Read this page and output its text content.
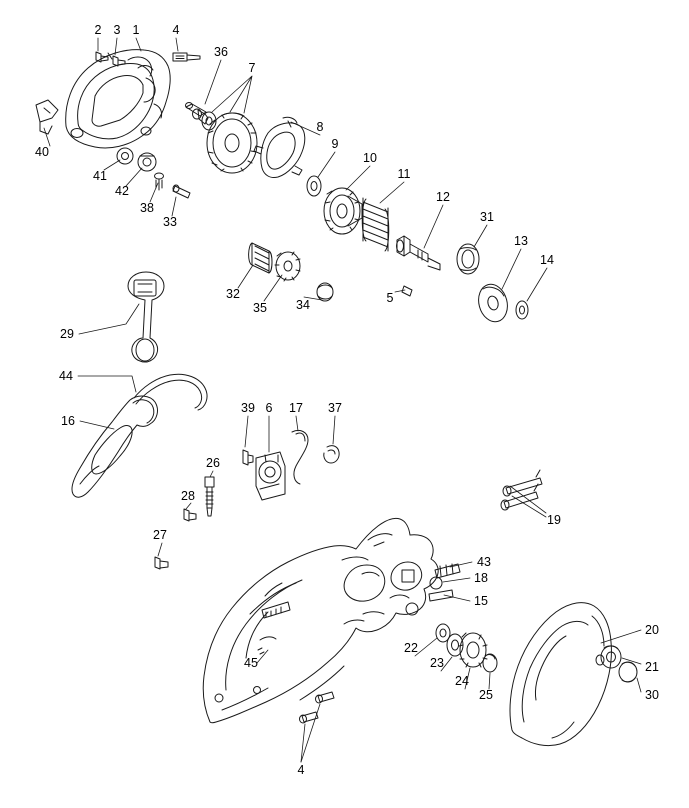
2 3 1	4
36
7
8
9
10
11
12
31
13
14
40
41
42
38
33
32
35 34	5
29
44
16
39 6 17 37
26
28
27
19
43
18
15
20
21
30
22
23
24
25
45
4
